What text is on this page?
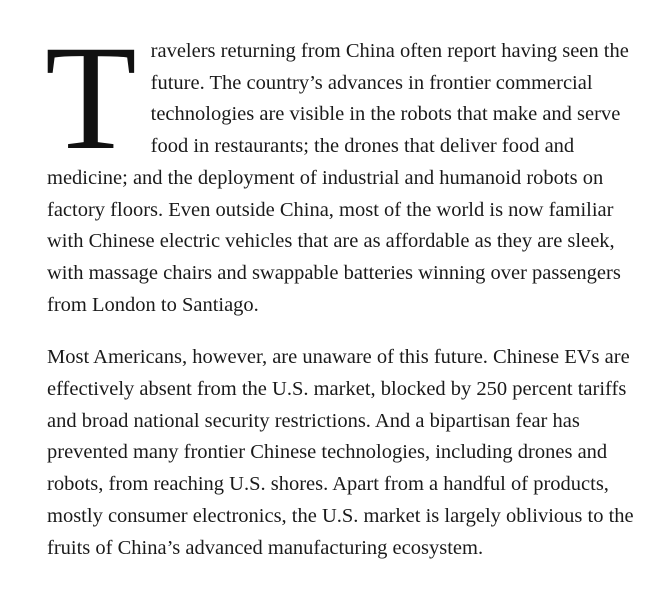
Travelers returning from China often report having seen the future. The country’s advances in frontier commercial technologies are visible in the robots that make and serve food in restaurants; the drones that deliver food and medicine; and the deployment of industrial and humanoid robots on factory floors. Even outside China, most of the world is now familiar with Chinese electric vehicles that are as affordable as they are sleek, with massage chairs and swappable batteries winning over passengers from London to Santiago.

Most Americans, however, are unaware of this future. Chinese EVs are effectively absent from the U.S. market, blocked by 250 percent tariffs and broad national security restrictions. And a bipartisan fear has prevented many frontier Chinese technologies, including drones and robots, from reaching U.S. shores. Apart from a handful of products, mostly consumer electronics, the U.S. market is largely oblivious to the fruits of China’s advanced manufacturing ecosystem.
